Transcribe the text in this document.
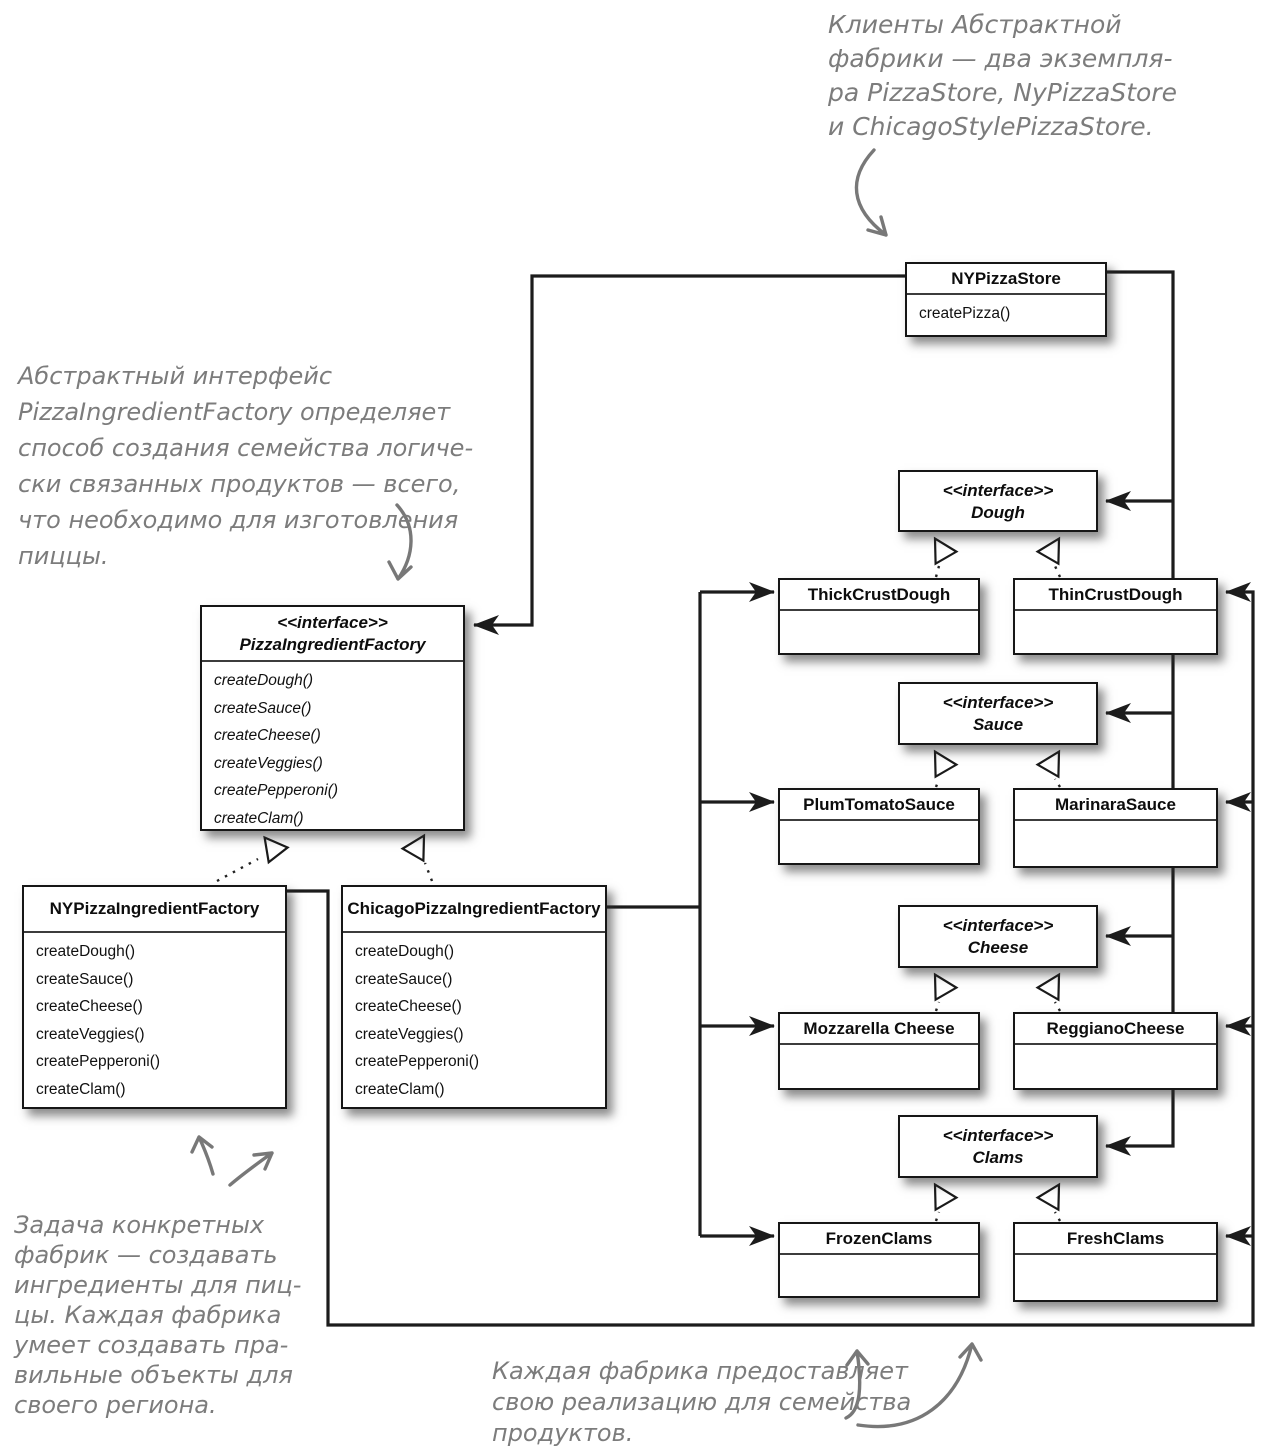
NYPizzaStore
createPizza()
<<interface>>
PizzaIngredientFactory
createDough()
createSauce()
createCheese()
createVeggies()
createPepperoni()
createClam()
NYPizzaIngredientFactory
createDough()
createSauce()
createCheese()
createVeggies()
createPepperoni()
createClam()
ChicagoPizzaIngredientFactory
createDough()
createSauce()
createCheese()
createVeggies()
createPepperoni()
createClam()
<<interface>>
Dough
<<interface>>
Sauce
<<interface>>
Cheese
<<interface>>
Clams
ThickCrustDough	ThinCrustDough
PlumTomatoSauce	MarinaraSauce
Mozzarella Cheese	ReggianoCheese
FrozenClams	FreshClams
Клиенты Абстрактной
фабрики — два экземпля-
ра PizzaStore, NyPizzaStore
и ChicagoStylePizzaStore.
Абстрактный интерфейс
PizzaIngredientFactory определяет
способ создания семейства логиче-
ски связанных продуктов — всего,
что необходимо для изготовления
пиццы.
Задача конкретных
фабрик — создавать
ингредиенты для пиц-
цы. Каждая фабрика
умеет создавать пра-
вильные объекты для
своего региона.
Каждая фабрика предоставляет
свою реализацию для семейства
продуктов.
